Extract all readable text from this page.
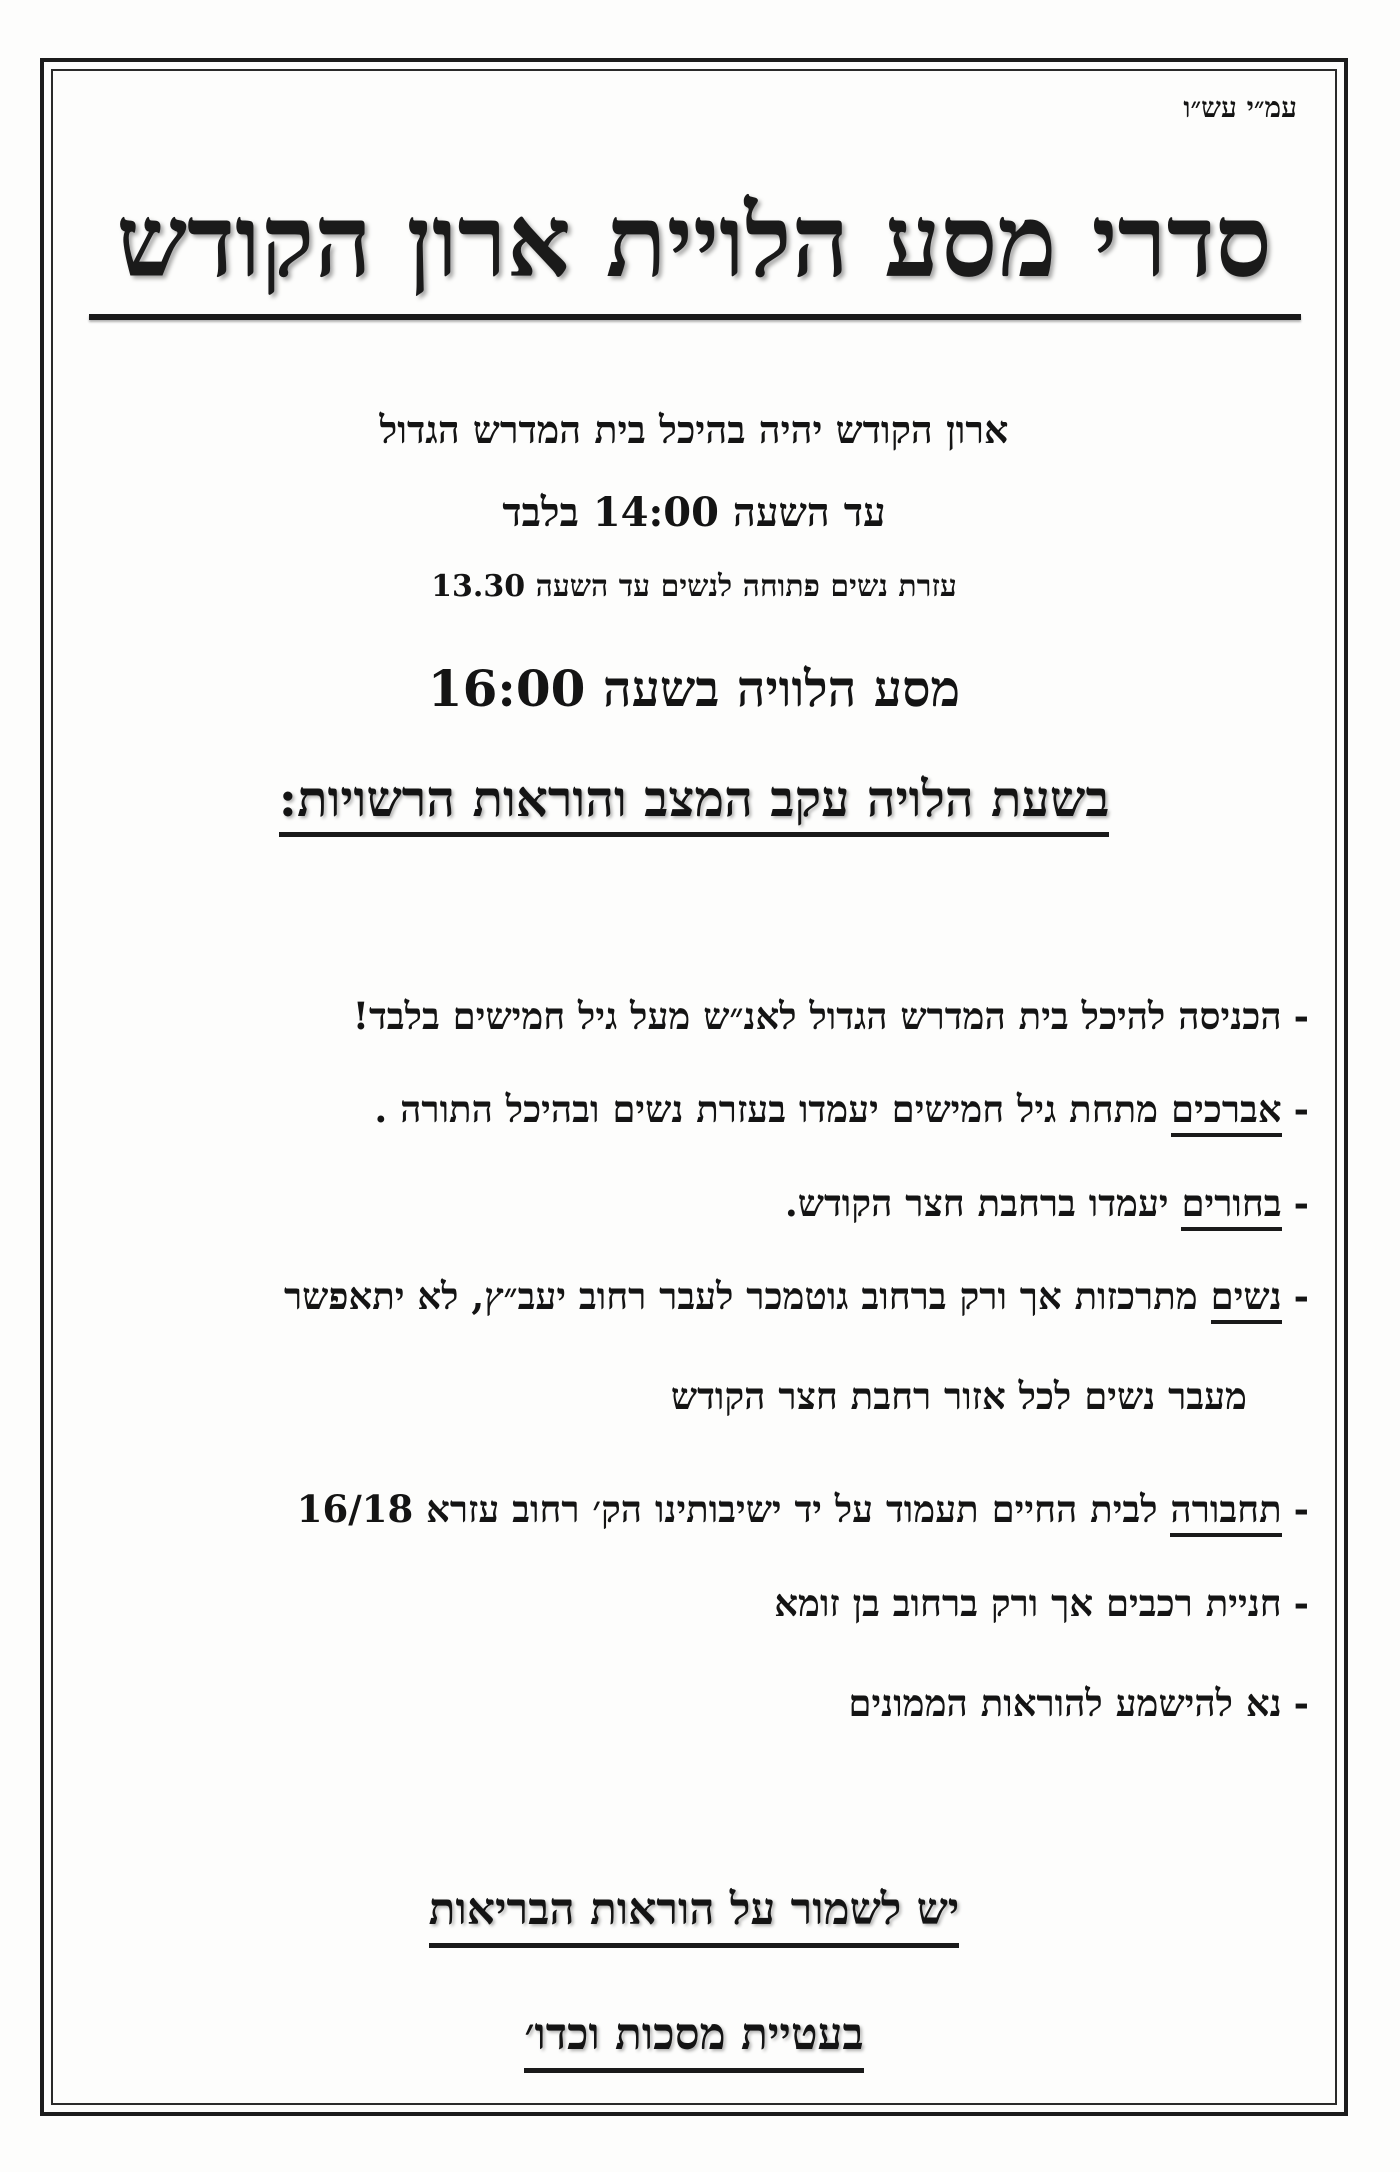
עמ״י עש״ו
סדרי מסע הלויית ארון הקודש
ארון הקודש יהיה בהיכל בית המדרש הגדול
עד השעה 14:00 בלבד
עזרת נשים פתוחה לנשים עד השעה 13.30
מסע הלוויה בשעה 16:00
בשעת הלויה עקב המצב והוראות הרשויות:
-הכניסה להיכל בית המדרש הגדול לאנ״ש מעל גיל חמישים בלבד!
-אברכים מתחת גיל חמישים יעמדו בעזרת נשים ובהיכל התורה .
-בחורים יעמדו ברחבת חצר הקודש.
-נשים מתרכזות אך ורק ברחוב גוטמכר לעבר רחוב יעב״ץ, לא יתאפשר
מעבר נשים לכל אזור רחבת חצר הקודש
-תחבורה לבית החיים תעמוד על יד ישיבותינו הק׳ רחוב עזרא 16/18
-חניית רכבים אך ורק ברחוב בן זומא
-נא להישמע להוראות הממונים
יש לשמור על הוראות הבריאות
בעטיית מסכות וכדו׳
